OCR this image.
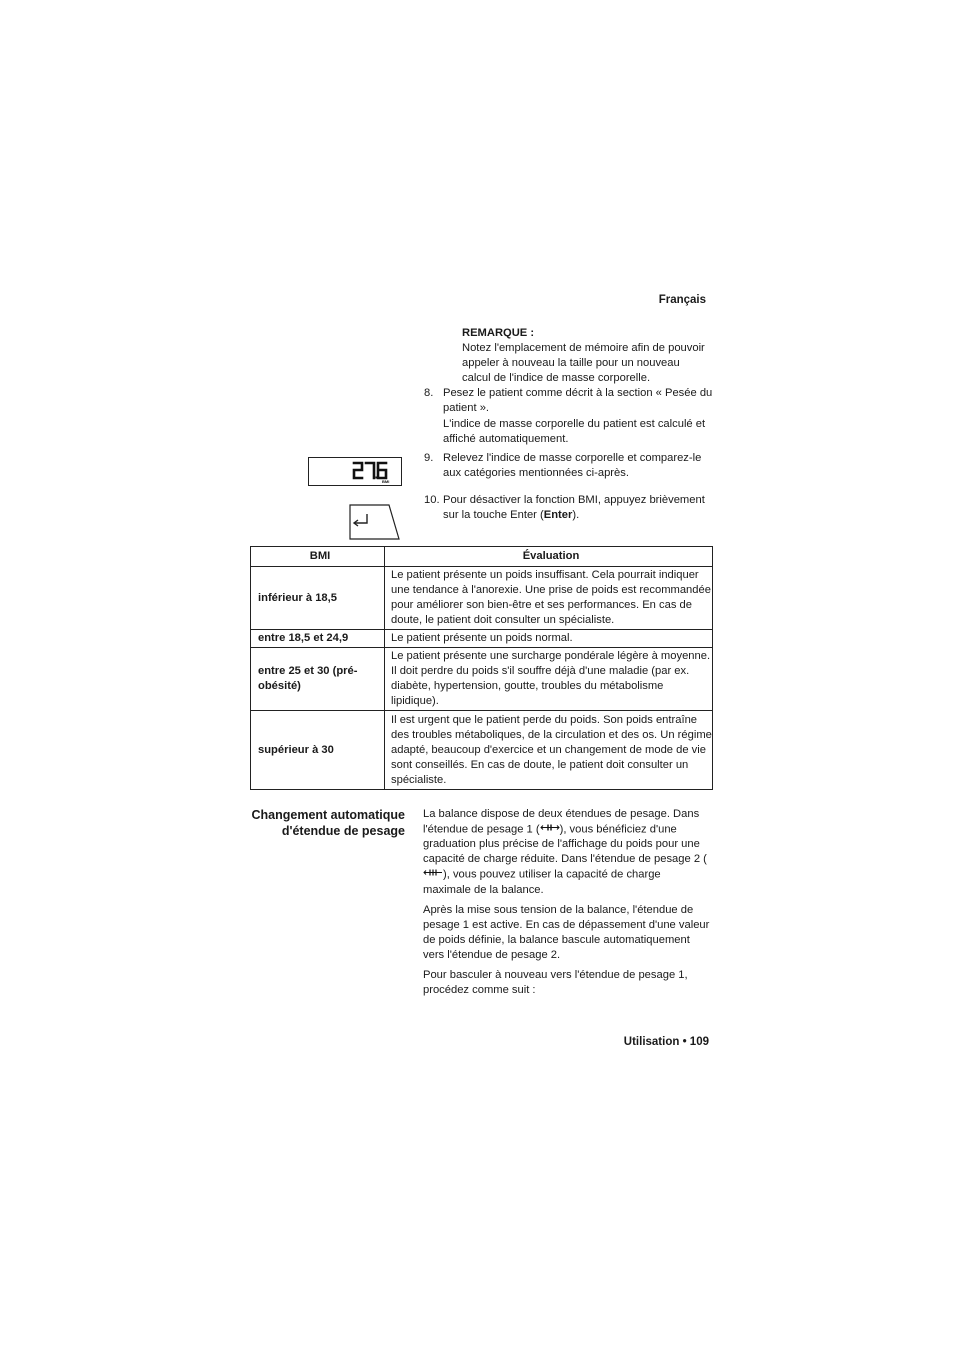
Français
REMARQUE :
Notez l'emplacement de mémoire afin de pouvoir appeler à nouveau la taille pour un nouveau calcul de l'indice de masse corporelle.
8. Pesez le patient comme décrit à la section « Pesée du patient ».

L'indice de masse corporelle du patient est calculé et affiché automatiquement.

9. Relevez l'indice de masse corporelle et comparez-le aux catégories mentionnées ci-après.

10. Pour désactiver la fonction BMI, appuyez brièvement sur la touche Enter (Enter).

BMI
BMI	Évaluation
inférieur à 18,5	Le patient présente un poids insuffisant. Cela pourrait indiquer une tendance à l'anorexie. Une prise de poids est recommandée pour améliorer son bien-être et ses performances. En cas de doute, le patient doit consulter un spécialiste.
entre 18,5 et 24,9	Le patient présente un poids normal.
entre 25 et 30 (pré-obésité)	Le patient présente une surcharge pondérale légère à moyenne. Il doit perdre du poids s'il souffre déjà d'une maladie (par ex. diabète, hypertension, goutte, troubles du métabolisme lipidique).
supérieur à 30	Il est urgent que le patient perde du poids. Son poids entraîne des troubles métaboliques, de la circulation et des os. Un régime adapté, beaucoup d'exercice et un changement de mode de vie sont conseillés. En cas de doute, le patient doit consulter un spécialiste.
Changement automatique d'étendue de pesage

La balance dispose de deux étendues de pesage. Dans l'étendue de pesage 1 ( ), vous bénéficiez d'une graduation plus précise de l'affichage du poids pour une capacité de charge réduite. Dans l'étendue de pesage 2 (), vous pouvez utiliser la capacité de charge maximale de la balance.

Après la mise sous tension de la balance, l'étendue de pesage 1 est active. En cas de dépassement d'une valeur de poids définie, la balance bascule automatiquement vers l'étendue de pesage 2.

Pour basculer à nouveau vers l'étendue de pesage 1, procédez comme suit :

Utilisation • 109
